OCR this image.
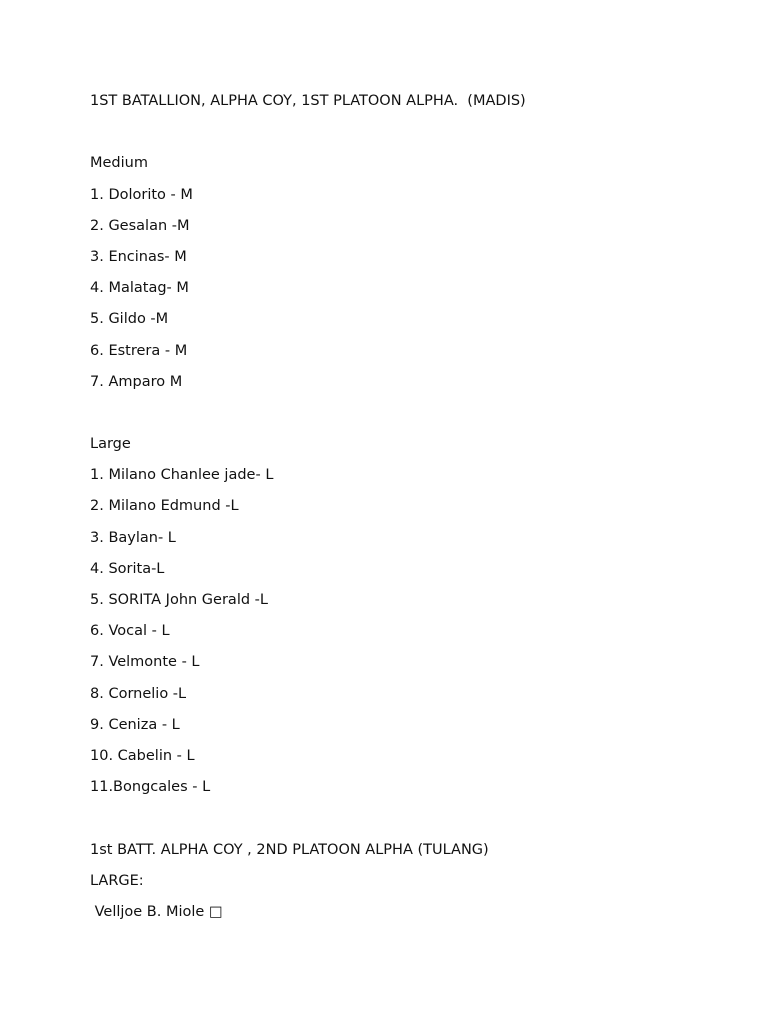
1ST BATALLION, ALPHA COY, 1ST PLATOON ALPHA.  (MADIS)
Medium
1. Dolorito - M
2. Gesalan -M
3. Encinas- M
4. Malatag- M
5. Gildo -M
6. Estrera - M
7. Amparo M
Large
1. Milano Chanlee jade- L
2. Milano Edmund -L
3. Baylan- L
4. Sorita-L
5. SORITA John Gerald -L
6. Vocal - L
7. Velmonte - L
8. Cornelio -L
9. Ceniza - L
10. Cabelin - L
11.Bongcales - L
1st BATT. ALPHA COY , 2ND PLATOON ALPHA (TULANG)
LARGE:
Velljoe B. Miole □
